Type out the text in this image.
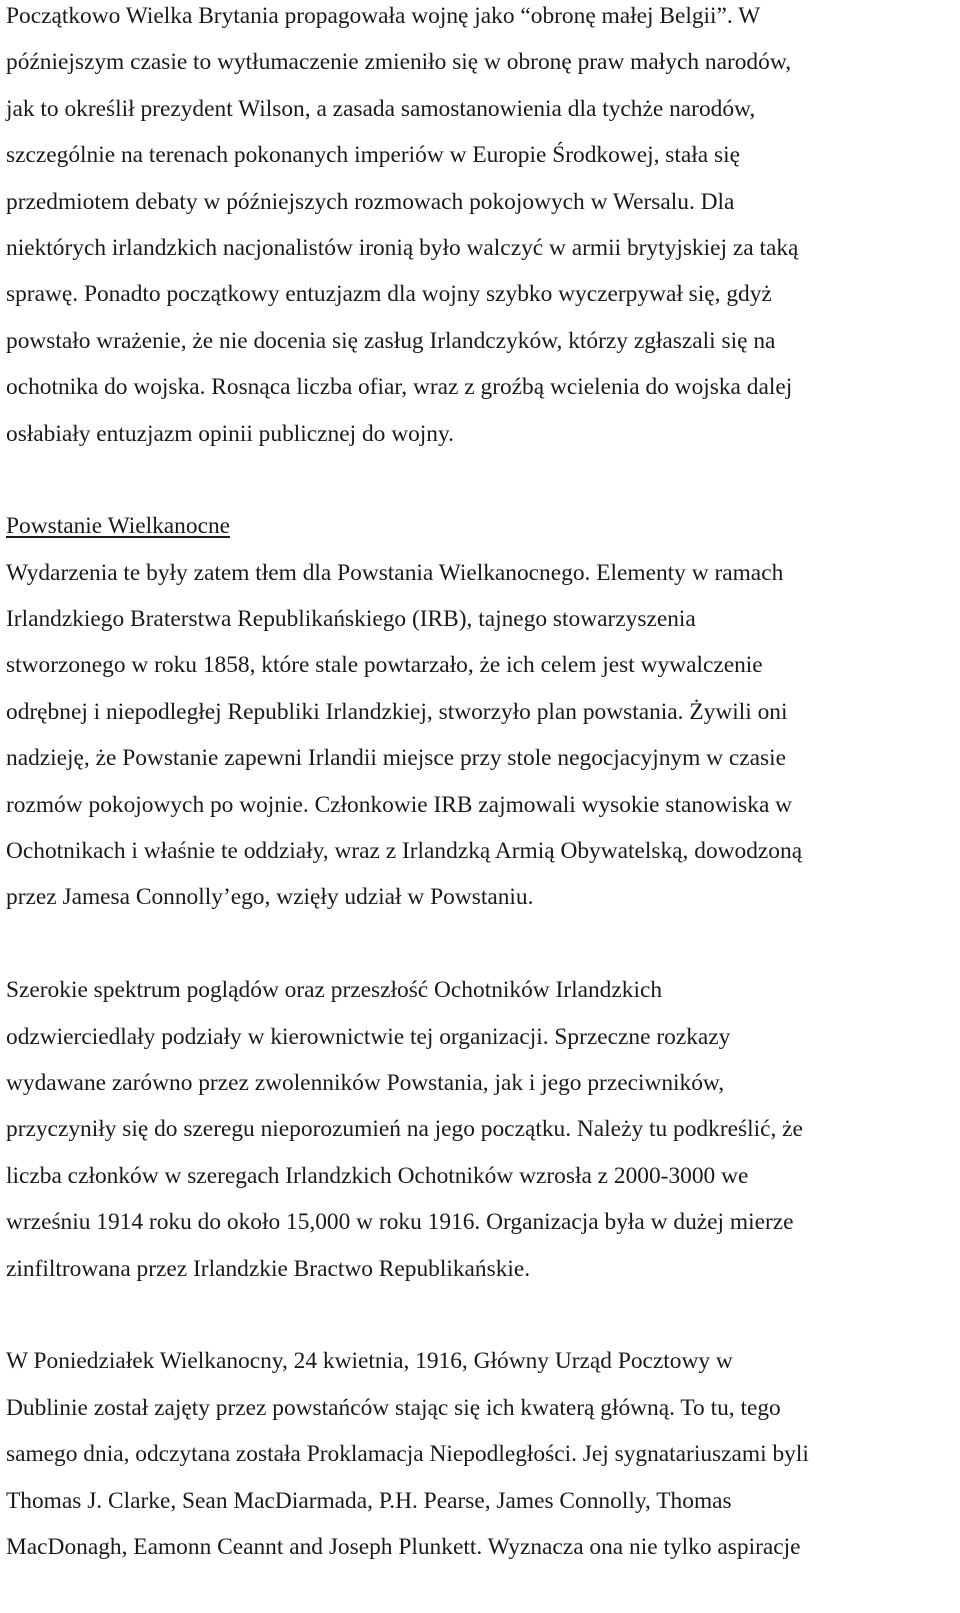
Początkowo Wielka Brytania propagowała wojnę jako “obronę małej Belgii”. W
późniejszym czasie to wytłumaczenie zmieniło się w obronę praw małych narodów,
jak to określił prezydent Wilson, a zasada samostanowienia dla tychże narodów,
szczególnie na terenach pokonanych imperiów w Europie Środkowej, stała się
przedmiotem debaty w późniejszych rozmowach pokojowych w Wersalu. Dla
niektórych irlandzkich nacjonalistów ironią było walczyć w armii brytyjskiej za taką
sprawę. Ponadto początkowy entuzjazm dla wojny szybko wyczerpywał się, gdyż
powstało wrażenie, że nie docenia się zasług Irlandczyków, którzy zgłaszali się na
ochotnika do wojska. Rosnąca liczba ofiar, wraz z groźbą wcielenia do wojska dalej
osłabiały entuzjazm opinii publicznej do wojny.

Powstanie Wielkanocne

Wydarzenia te były zatem tłem dla Powstania Wielkanocnego. Elementy w ramach
Irlandzkiego Braterstwa Republikańskiego (IRB), tajnego stowarzyszenia
stworzonego w roku 1858, które stale powtarzało, że ich celem jest wywalczenie
odrębnej i niepodległej Republiki Irlandzkiej, stworzyło plan powstania. Żywili oni
nadzieję, że Powstanie zapewni Irlandii miejsce przy stole negocjacyjnym w czasie
rozmów pokojowych po wojnie. Członkowie IRB zajmowali wysokie stanowiska w
Ochotnikach i właśnie te oddziały, wraz z Irlandzką Armią Obywatelską, dowodzoną
przez Jamesa Connolly’ego, wzięły udział w Powstaniu.

Szerokie spektrum poglądów oraz przeszłość Ochotników Irlandzkich
odzwierciedlały podziały w kierownictwie tej organizacji. Sprzeczne rozkazy
wydawane zarówno przez zwolenników Powstania, jak i jego przeciwników,
przyczyniły się do szeregu nieporozumień na jego początku. Należy tu podkreślić, że
liczba członków w szeregach Irlandzkich Ochotników wzrosła z 2000-3000 we
wrześniu 1914 roku do około 15,000 w roku 1916. Organizacja była w dużej mierze
zinfiltrowana przez Irlandzkie Bractwo Republikańskie.

W Poniedziałek Wielkanocny, 24 kwietnia, 1916, Główny Urząd Pocztowy w
Dublinie został zajęty przez powstańców stając się ich kwaterą główną. To tu, tego
samego dnia, odczytana została Proklamacja Niepodległości. Jej sygnatariuszami byli
Thomas J. Clarke, Sean MacDiarmada, P.H. Pearse, James Connolly, Thomas
MacDonagh, Eamonn Ceannt and Joseph Plunkett. Wyznacza ona nie tylko aspiracje
